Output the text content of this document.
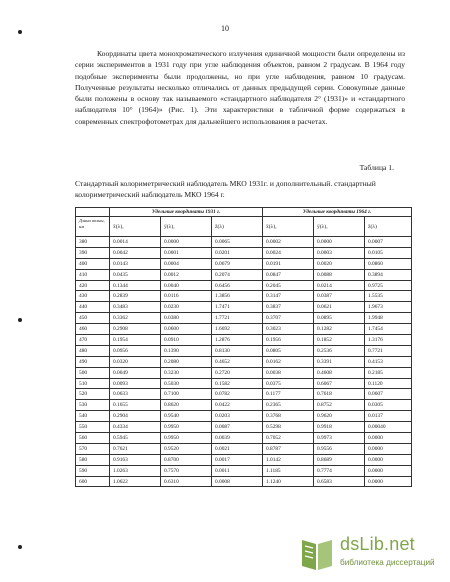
10

Координаты цвета монохроматического излучения единичной мощности были определены из серии экспериментов в 1931 году при угле наблюдения объектов, равном 2 градусам. В 1964 году подобные эксперименты были продолжены, но при угле наблюдения, равном 10 градусам. Полученные результаты несколько отличались от данных предыдущей серии. Совокупные данные были положены в основу так называемого «стандартного наблюдателя 2° (1931)» и «стандартного наблюдателя 10° (1964)» (Рис. 1). Эти характеристики в табличной форме содержаться в современных спектрофотометрах для дальнейшего использования в расчетах.

Таблица 1.

Стандартный колориметрический наблюдатель МКО 1931г. и дополнительный. стандартный колориметрический наблюдатель МКО 1964 г.

	Удельные координаты 1931 г.			Удельные координаты 1964 г.		
Длина волны, нм	x̄(λ),	ȳ(λ),	z̄(λ)	x̄(λ),	ȳ(λ),	z̄(λ)
380	0.0014	0.0000	0.0065	0.0002	0.0000	0.0007
390	0.0042	0.0001	0.0201	0.0024	0.0003	0.0105
400	0.0143	0.0004	0.0679	0.0191	0.0020	0.0860
410	0.0435	0.0012	0.2074	0.0847	0.0088	0.3894
420	0.1344	0.0040	0.6456	0.2045	0.0214	0.9725
430	0.2839	0.0116	1.3856	0.3147	0.0387	1.5535
440	0.3483	0.0230	1.7471	0.3837	0.0621	1.9673
450	0.3362	0.0380	1.7721	0.3707	0.0895	1.9948
460	0.2908	0.0600	1.6692	0.3023	0.1282	1.7454
470	0.1954	0.0910	1.2876	0.1956	0.1852	1.3176
480	0.0956	0.1390	0.8130	0.0805	0.2536	0.7721
490	0.0320	0.2080	0.4652	0.0162	0.3391	0.4153
500	0.0049	0.3230	0.2720	0.0038	0.4608	0.2185
510	0.0093	0.5030	0.1582	0.0375	0.6067	0.1120
520	0.0633	0.7100	0.0782	0.1177	0.7618	0.0607
530	0.1655	0.8620	0.0422	0.2365	0.8752	0.0305
540	0.2904	0.9540	0.0203	0.3768	0.9620	0.0137
550	0.4334	0.9950	0.0087	0.5298	0.9918	0.00040
560	0.5945	0.9950	0.0039	0.7052	0.9973	0.0000
570	0.7621	0.9520	0.0021	0.8787	0.9556	0.0000
580	0.9163	0.8700	0.0017	1.0142	0.8689	0.0000
590	1.0263	0.7570	0.0011	1.1185	0.7774	0.0000
600	1.0622	0.6310	0.0008	1.1240	0.6583	0.0000
dsLib.net
библиотека диссертаций
